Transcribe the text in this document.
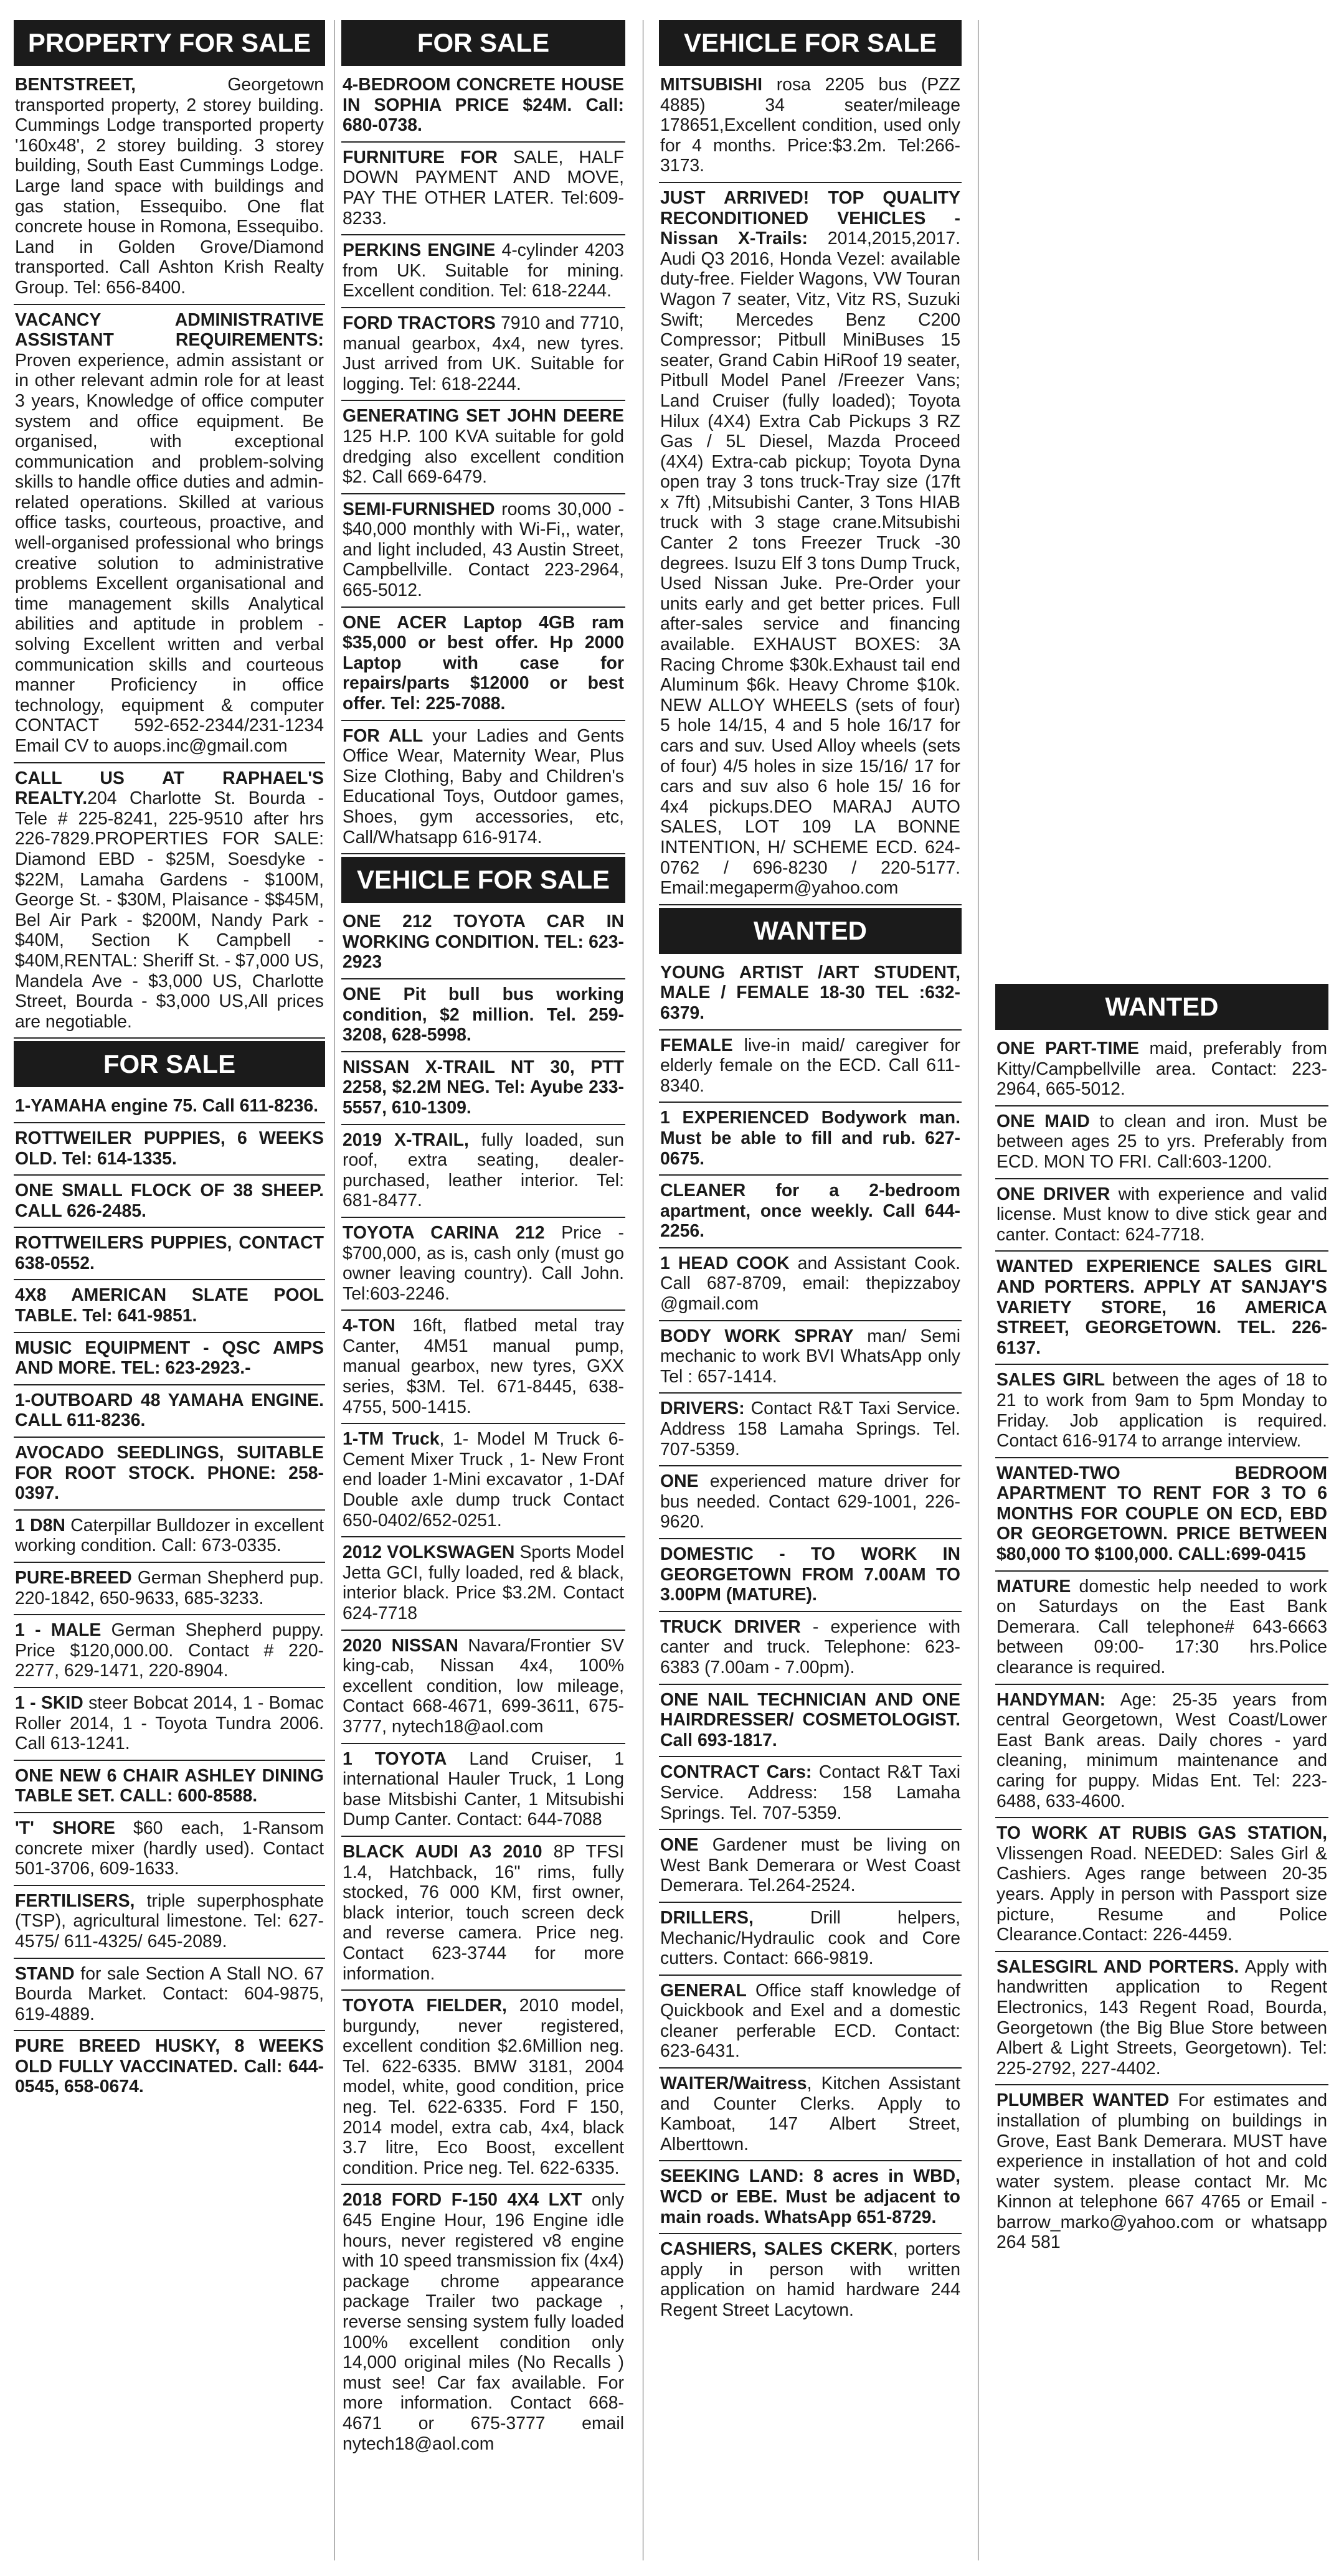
PROPERTY FOR SALE

BENTSTREET, Georgetown transported property, 2 storey building. Cummings Lodge transported property '160x48', 2 storey building. 3 storey building, South East Cummings Lodge. Large land space with buildings and gas station, Essequibo. One flat concrete house in Romona, Essequibo. Land in Golden Grove/Diamond transported. Call Ashton Krish Realty Group. Tel: 656-8400.

VACANCY ADMINISTRATIVE ASSISTANT REQUIREMENTS: Proven experience, admin assistant or in other relevant admin role for at least 3 years, Knowledge of office computer system and office equipment. Be organised, with exceptional communication and problem-solving skills to handle office duties and admin-related operations. Skilled at various office tasks, courteous, proactive, and well-organised professional who brings creative solution to administrative problems Excellent organisational and time management skills Analytical abilities and aptitude in problem - solving Excellent written and verbal communication skills and courteous manner Proficiency in office technology, equipment & computer CONTACT 592-652-2344/231-1234 Email CV to auops.inc@gmail.com

CALL US AT RAPHAEL'S REALTY.204 Charlotte St. Bourda - Tele # 225-8241, 225-9510 after hrs 226-7829.PROPERTIES FOR SALE: Diamond EBD - $25M, Soesdyke - $22M, Lamaha Gardens - $100M, George St. - $30M, Plaisance - $$45M, Bel Air Park - $200M, Nandy Park - $40M, Section K Campbell - $40M,RENTAL: Sheriff St. - $7,000 US, Mandela Ave - $3,000 US, Charlotte Street, Bourda - $3,000 US,All prices are negotiable.

FOR SALE

1-YAMAHA engine 75. Call 611-8236.

ROTTWEILER PUPPIES, 6 WEEKS OLD. Tel: 614-1335.

ONE SMALL FLOCK OF 38 SHEEP. CALL 626-2485.

ROTTWEILERS PUPPIES, CONTACT 638-0552.

4X8 AMERICAN SLATE POOL TABLE. Tel: 641-9851.

MUSIC EQUIPMENT - QSC AMPS AND MORE. TEL: 623-2923.-

1-OUTBOARD 48 YAMAHA ENGINE. CALL 611-8236.

AVOCADO SEEDLINGS, SUITABLE FOR ROOT STOCK. PHONE: 258-0397.

1 D8N Caterpillar Bulldozer in excellent working condition. Call: 673-0335.

PURE-BREED German Shepherd pup. 220-1842, 650-9633, 685-3233.

1 - MALE German Shepherd puppy. Price $120,000.00. Contact # 220-2277, 629-1471, 220-8904.

1 - SKID steer Bobcat 2014, 1 - Bomac Roller 2014, 1 - Toyota Tundra 2006. Call 613-1241.

ONE NEW 6 CHAIR ASHLEY DINING TABLE SET. CALL: 600-8588.

'T' SHORE $60 each, 1-Ransom concrete mixer (hardly used). Contact 501-3706, 609-1633.

FERTILISERS, triple superphosphate (TSP), agricultural limestone. Tel: 627-4575/ 611-4325/ 645-2089.

STAND for sale Section A Stall NO. 67 Bourda Market. Contact: 604-9875, 619-4889.

PURE BREED HUSKY, 8 WEEKS OLD FULLY VACCINATED. Call: 644-0545, 658-0674.

FOR SALE

4-BEDROOM CONCRETE HOUSE IN SOPHIA PRICE $24M. Call: 680-0738.

FURNITURE FOR SALE, HALF DOWN PAYMENT AND MOVE, PAY THE OTHER LATER. Tel:609-8233.

PERKINS ENGINE 4-cylinder 4203 from UK. Suitable for mining. Excellent condition. Tel: 618-2244.

FORD TRACTORS 7910 and 7710, manual gearbox, 4x4, new tyres. Just arrived from UK. Suitable for logging. Tel: 618-2244.

GENERATING SET JOHN DEERE 125 H.P. 100 KVA suitable for gold dredging also excellent condition $2. Call 669-6479.

SEMI-FURNISHED rooms 30,000 - $40,000 monthly with Wi-Fi,, water, and light included, 43 Austin Street, Campbellville. Contact 223-2964, 665-5012.

ONE ACER Laptop 4GB ram $35,000 or best offer. Hp 2000 Laptop with case for repairs/parts $12000 or best offer. Tel: 225-7088.

FOR ALL your Ladies and Gents Office Wear, Maternity Wear, Plus Size Clothing, Baby and Children's Educational Toys, Outdoor games, Shoes, gym accessories, etc, Call/Whatsapp 616-9174.

VEHICLE FOR SALE

ONE 212 TOYOTA CAR IN WORKING CONDITION. TEL: 623-2923

ONE Pit bull bus working condition, $2 million. Tel. 259-3208, 628-5998.

NISSAN X-TRAIL NT 30, PTT 2258, $2.2M NEG. Tel: Ayube 233-5557, 610-1309.

2019 X-TRAIL, fully loaded, sun roof, extra seating, dealer-purchased, leather interior. Tel: 681-8477.

TOYOTA CARINA 212 Price - $700,000, as is, cash only (must go owner leaving country). Call John. Tel:603-2246.

4-TON 16ft, flatbed metal tray Canter, 4M51 manual pump, manual gearbox, new tyres, GXX series, $3M. Tel. 671-8445, 638-4755, 500-1415.

1-TM Truck, 1- Model M Truck 6-Cement Mixer Truck , 1- New Front end loader 1-Mini excavator , 1-DAf Double axle dump truck Contact 650-0402/652-0251.

2012 VOLKSWAGEN Sports Model Jetta GCI, fully loaded, red & black, interior black. Price $3.2M. Contact 624-7718

2020 NISSAN Navara/Frontier SV king-cab, Nissan 4x4, 100% excellent condition, low mileage, Contact 668-4671, 699-3611, 675-3777, nytech18@aol.com

1 TOYOTA Land Cruiser, 1 international Hauler Truck, 1 Long base Mitsbishi Canter, 1 Mitsubishi Dump Canter. Contact: 644-7088

BLACK AUDI A3 2010 8P TFSI 1.4, Hatchback, 16" rims, fully stocked, 76 000 KM, first owner, black interior, touch screen deck and reverse camera. Price neg. Contact 623-3744 for more information.

TOYOTA FIELDER, 2010 model, burgundy, never registered, excellent condition $2.6Million neg. Tel. 622-6335. BMW 3181, 2004 model, white, good condition, price neg. Tel. 622-6335. Ford F 150, 2014 model, extra cab, 4x4, black 3.7 litre, Eco Boost, excellent condition. Price neg. Tel. 622-6335.

2018 FORD F-150 4X4 LXT only 645 Engine Hour, 196 Engine idle hours, never registered v8 engine with 10 speed transmission fix (4x4) package chrome appearance package Trailer two package , reverse sensing system fully loaded 100% excellent condition only 14,000 original miles (No Recalls ) must see! Car fax available. For more information. Contact 668-4671 or 675-3777 email nytech18@aol.com

VEHICLE FOR SALE

MITSUBISHI rosa 2205 bus (PZZ 4885) 34 seater/mileage 178651,Excellent condition, used only for 4 months. Price:$3.2m. Tel:266-3173.

JUST ARRIVED! TOP QUALITY RECONDITIONED VEHICLES - Nissan X-Trails: 2014,2015,2017. Audi Q3 2016, Honda Vezel: available duty-free. Fielder Wagons, VW Touran Wagon 7 seater, Vitz, Vitz RS, Suzuki Swift; Mercedes Benz C200 Compressor; Pitbull MiniBuses 15 seater, Grand Cabin HiRoof 19 seater, Pitbull Model Panel /Freezer Vans; Land Cruiser (fully loaded); Toyota Hilux (4X4) Extra Cab Pickups 3 RZ Gas / 5L Diesel, Mazda Proceed (4X4) Extra-cab pickup; Toyota Dyna open tray 3 tons truck-Tray size (17ft x 7ft) ,Mitsubishi Canter, 3 Tons HIAB truck with 3 stage crane.Mitsubishi Canter 2 tons Freezer Truck -30 degrees. Isuzu Elf 3 tons Dump Truck, Used Nissan Juke. Pre-Order your units early and get better prices. Full after-sales service and financing available. EXHAUST BOXES: 3A Racing Chrome $30k.Exhaust tail end Aluminum $6k. Heavy Chrome $10k. NEW ALLOY WHEELS (sets of four) 5 hole 14/15, 4 and 5 hole 16/17 for cars and suv. Used Alloy wheels (sets of four) 4/5 holes in size 15/16/ 17 for cars and suv also 6 hole 15/ 16 for 4x4 pickups.DEO MARAJ AUTO SALES, LOT 109 LA BONNE INTENTION, H/ SCHEME ECD. 624-0762 / 696-8230 / 220-5177. Email:megaperm@yahoo.com

WANTED

YOUNG ARTIST /ART STUDENT, MALE / FEMALE 18-30 TEL :632-6379.

FEMALE live-in maid/ caregiver for elderly female on the ECD. Call 611-8340.

1 EXPERIENCED Bodywork man. Must be able to fill and rub. 627-0675.

CLEANER for a 2-bedroom apartment, once weekly. Call 644-2256.

1 HEAD COOK and Assistant Cook. Call 687-8709, email: thepizzaboy @gmail.com

BODY WORK SPRAY man/ Semi mechanic to work BVI WhatsApp only Tel : 657-1414.

DRIVERS: Contact R&T Taxi Service. Address 158 Lamaha Springs. Tel. 707-5359.

ONE experienced mature driver for bus needed. Contact 629-1001, 226-9620.

DOMESTIC - TO WORK IN GEORGETOWN FROM 7.00AM TO 3.00PM (MATURE).

TRUCK DRIVER - experience with canter and truck. Telephone: 623-6383 (7.00am - 7.00pm).

ONE NAIL TECHNICIAN AND ONE HAIRDRESSER/ COSMETOLOGIST. Call 693-1817.

CONTRACT Cars: Contact R&T Taxi Service. Address: 158 Lamaha Springs. Tel. 707-5359.

ONE Gardener must be living on West Bank Demerara or West Coast Demerara. Tel.264-2524.

DRILLERS, Drill helpers, Mechanic/Hydraulic cook and Core cutters. Contact: 666-9819.

GENERAL Office staff knowledge of Quickbook and Exel and a domestic cleaner perferable ECD. Contact: 623-6431.

WAITER/Waitress, Kitchen Assistant and Counter Clerks. Apply to Kamboat, 147 Albert Street, Alberttown.

SEEKING LAND: 8 acres in WBD, WCD or EBE. Must be adjacent to main roads. WhatsApp 651-8729.

CASHIERS, SALES CKERK, porters apply in person with written application on hamid hardware 244 Regent Street Lacytown.

WANTED

ONE PART-TIME maid, preferably from Kitty/Campbellville area. Contact: 223-2964, 665-5012.

ONE MAID to clean and iron. Must be between ages 25 to yrs. Preferably from ECD. MON TO FRI. Call:603-1200.

ONE DRIVER with experience and valid license. Must know to dive stick gear and canter. Contact: 624-7718.

WANTED EXPERIENCE SALES GIRL AND PORTERS. APPLY AT SANJAY'S VARIETY STORE, 16 AMERICA STREET, GEORGETOWN. TEL. 226-6137.

SALES GIRL between the ages of 18 to 21 to work from 9am to 5pm Monday to Friday. Job application is required. Contact 616-9174 to arrange interview.

WANTED-TWO BEDROOM APARTMENT TO RENT FOR 3 TO 6 MONTHS FOR COUPLE ON ECD, EBD OR GEORGETOWN. PRICE BETWEEN $80,000 TO $100,000. CALL:699-0415

MATURE domestic help needed to work on Saturdays on the East Bank Demerara. Call telephone# 643-6663 between 09:00- 17:30 hrs.Police clearance is required.

HANDYMAN: Age: 25-35 years from central Georgetown, West Coast/Lower East Bank areas. Daily chores - yard cleaning, minimum maintenance and caring for puppy. Midas Ent. Tel: 223-6488, 633-4600.

TO WORK AT RUBIS GAS STATION, Vlissengen Road. NEEDED: Sales Girl & Cashiers. Ages range between 20-35 years. Apply in person with Passport size picture, Resume and Police Clearance.Contact: 226-4459.

SALESGIRL AND PORTERS. Apply with handwritten application to Regent Electronics, 143 Regent Road, Bourda, Georgetown (the Big Blue Store between Albert & Light Streets, Georgetown). Tel: 225-2792, 227-4402.

PLUMBER WANTED For estimates and installation of plumbing on buildings in Grove, East Bank Demerara. MUST have experience in installation of hot and cold water system. please contact Mr. Mc Kinnon at telephone 667 4765 or Email - barrow_marko@yahoo.com or whatsapp 264 581
